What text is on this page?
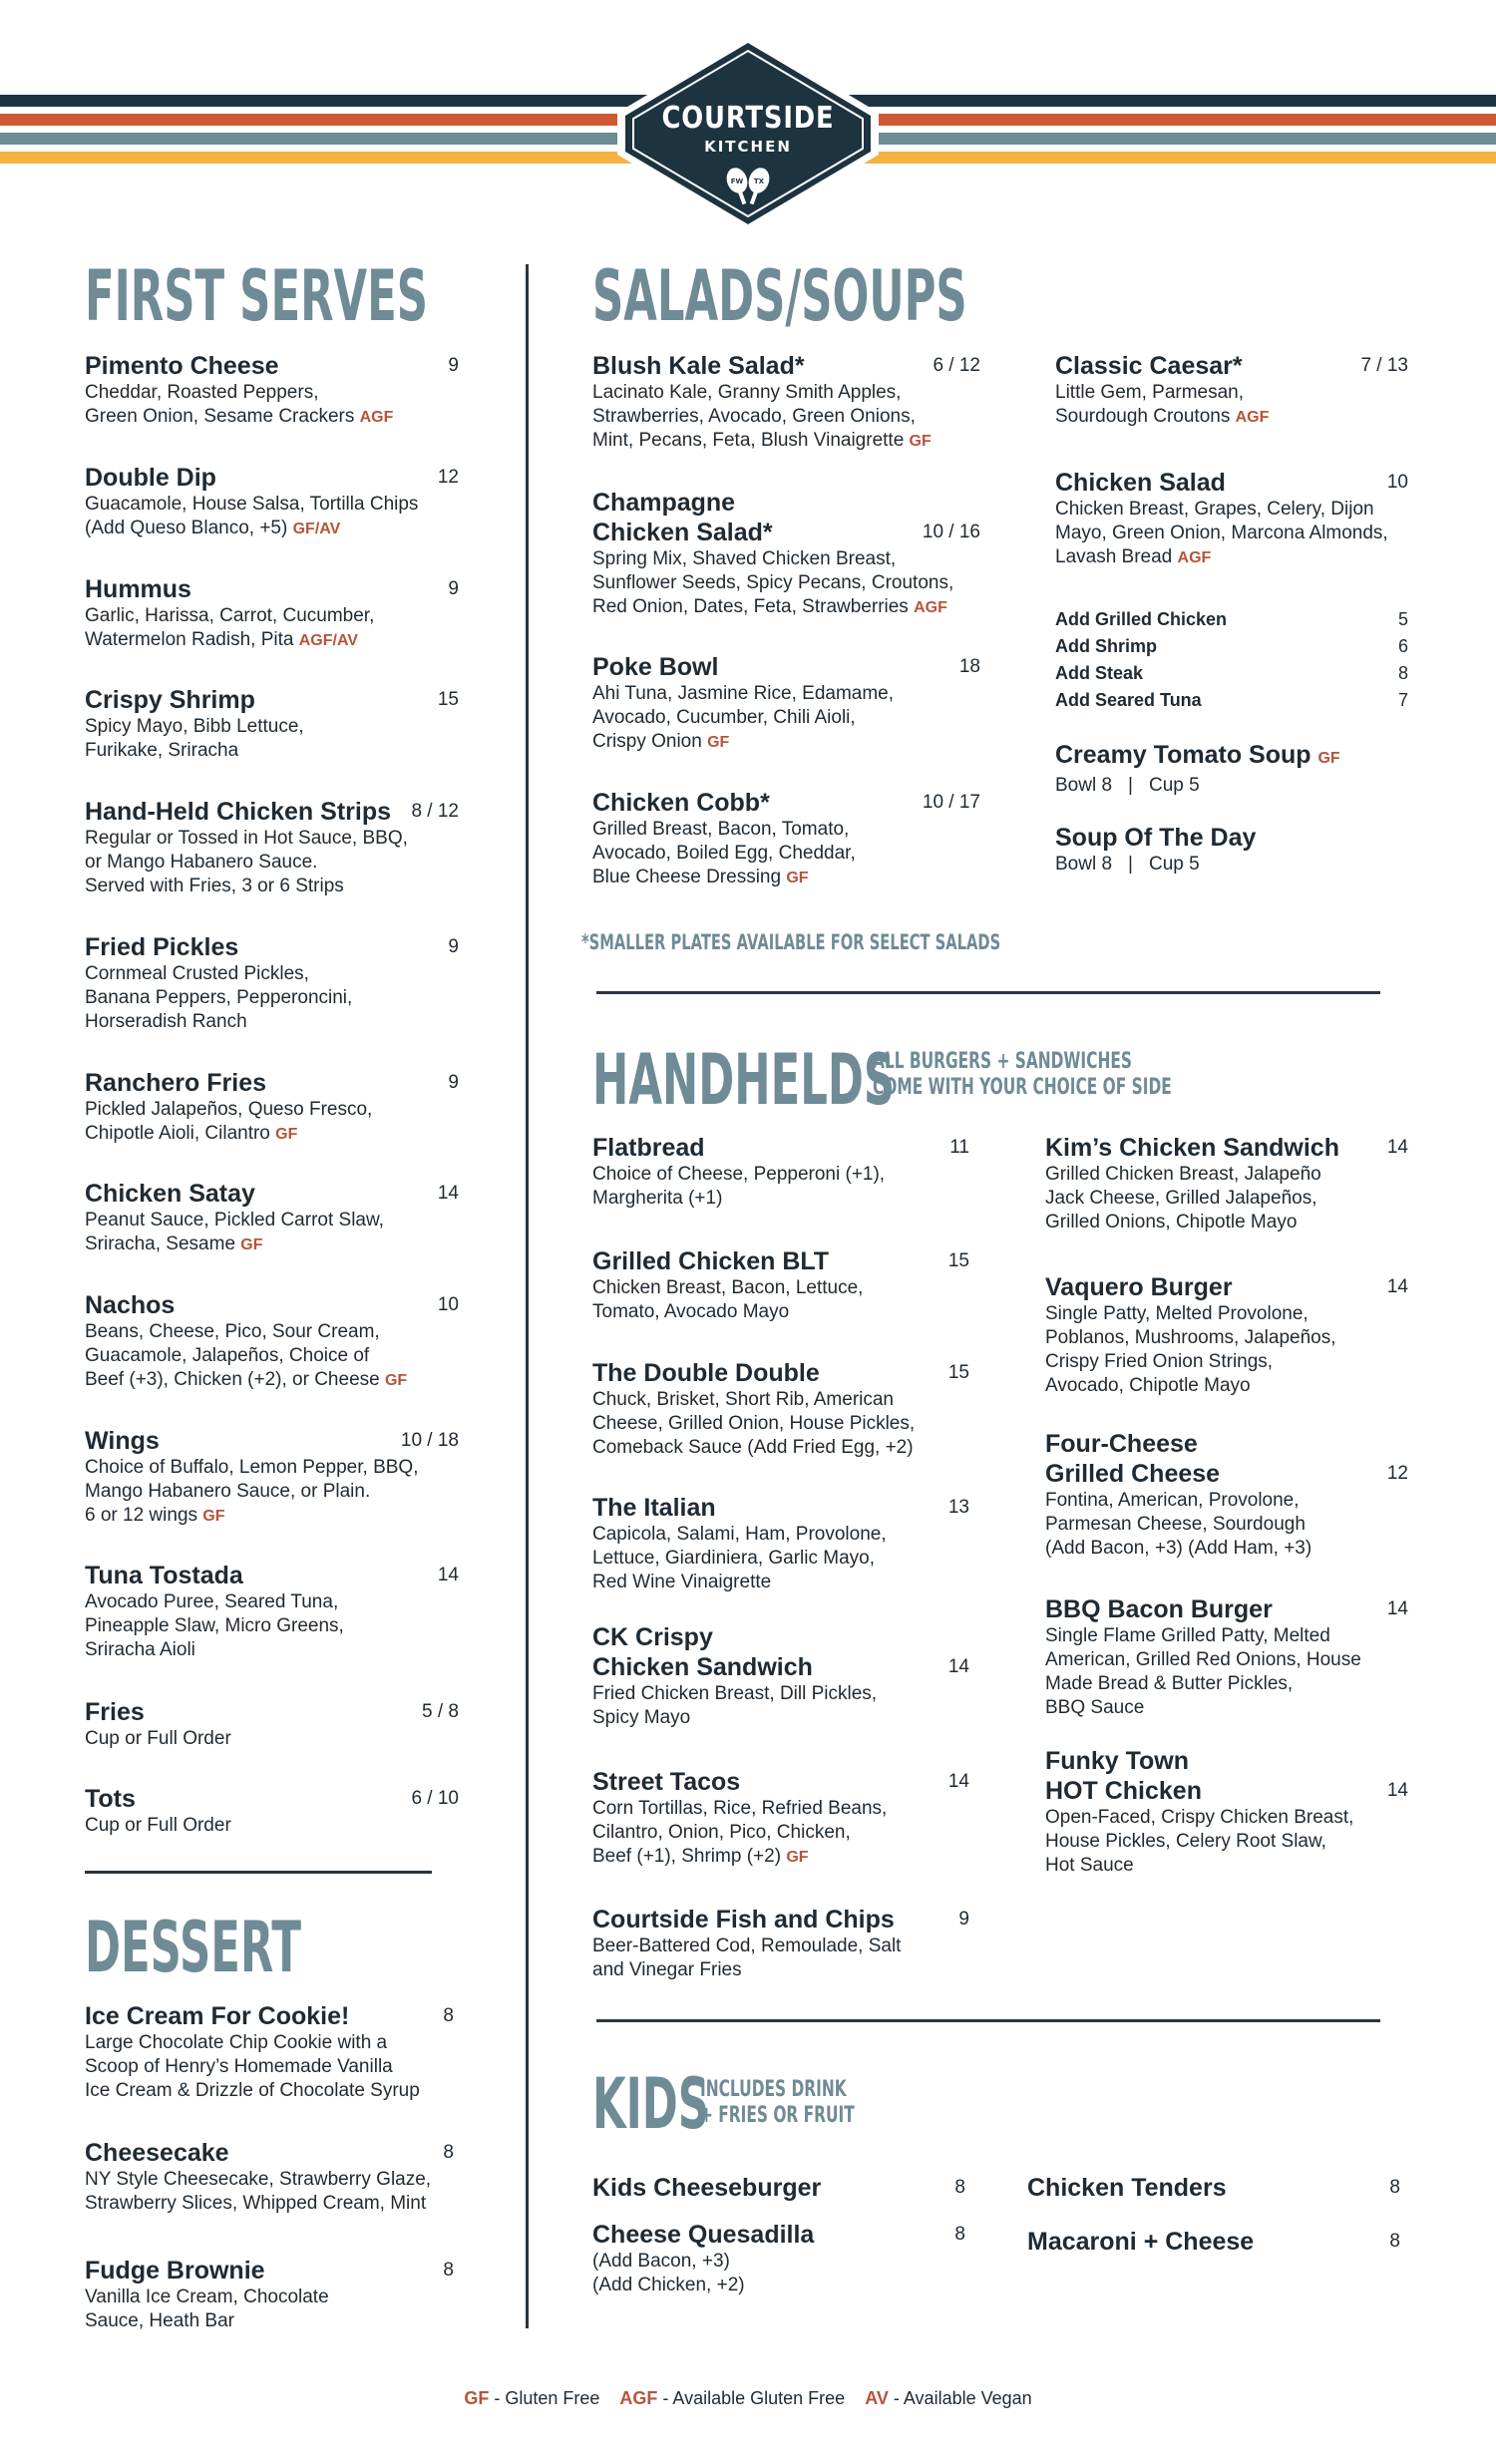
FW TX
COURTSIDE
KITCHEN
FIRST SERVES
DESSERT
SALADS/SOUPS
HANDHELDS
ALL BURGERS + SANDWICHES
COME WITH YOUR CHOICE OF SIDE
KIDS
INCLUDES DRINK
+ FRIES OR FRUIT
*SMALLER PLATES AVAILABLE FOR SELECT SALADS
Pimento Cheese	9
Cheddar, Roasted Peppers,
Green Onion, Sesame Crackers AGF
Double Dip	12
Guacamole, House Salsa, Tortilla Chips
(Add Queso Blanco, +5) GF/AV
Hummus	9
Garlic, Harissa, Carrot, Cucumber,
Watermelon Radish, Pita AGF/AV
Crispy Shrimp	15
Spicy Mayo, Bibb Lettuce,
Furikake, Sriracha
Hand-Held Chicken Strips	8 / 12
Regular or Tossed in Hot Sauce, BBQ,
or Mango Habanero Sauce.
Served with Fries, 3 or 6 Strips
Fried Pickles	9
Cornmeal Crusted Pickles,
Banana Peppers, Pepperoncini,
Horseradish Ranch
Ranchero Fries	9
Pickled Jalapeños, Queso Fresco,
Chipotle Aioli, Cilantro GF
Chicken Satay	14
Peanut Sauce, Pickled Carrot Slaw,
Sriracha, Sesame GF
Nachos	10
Beans, Cheese, Pico, Sour Cream,
Guacamole, Jalapeños, Choice of
Beef (+3), Chicken (+2), or Cheese GF
Wings	10 / 18
Choice of Buffalo, Lemon Pepper, BBQ,
Mango Habanero Sauce, or Plain.
6 or 12 wings GF
Tuna Tostada	14
Avocado Puree, Seared Tuna,
Pineapple Slaw, Micro Greens,
Sriracha Aioli
Fries	5 / 8
Cup or Full Order
Tots	6 / 10
Cup or Full Order
Ice Cream For Cookie!	8
Large Chocolate Chip Cookie with a
Scoop of Henry’s Homemade Vanilla
Ice Cream & Drizzle of Chocolate Syrup
Cheesecake	8
NY Style Cheesecake, Strawberry Glaze,
Strawberry Slices, Whipped Cream, Mint
Fudge Brownie	8
Vanilla Ice Cream, Chocolate
Sauce, Heath Bar
Blush Kale Salad*	6 / 12
Lacinato Kale, Granny Smith Apples,
Strawberries, Avocado, Green Onions,
Mint, Pecans, Feta, Blush Vinaigrette GF
Champagne
Chicken Salad*	10 / 16
Spring Mix, Shaved Chicken Breast,
Sunflower Seeds, Spicy Pecans, Croutons,
Red Onion, Dates, Feta, Strawberries AGF
Poke Bowl	18
Ahi Tuna, Jasmine Rice, Edamame,
Avocado, Cucumber, Chili Aioli,
Crispy Onion GF
Chicken Cobb*	10 / 17
Grilled Breast, Bacon, Tomato,
Avocado, Boiled Egg, Cheddar,
Blue Cheese Dressing GF
Classic Caesar*	7 / 13
Little Gem, Parmesan,
Sourdough Croutons AGF
Chicken Salad	10
Chicken Breast, Grapes, Celery, Dijon
Mayo, Green Onion, Marcona Almonds,
Lavash Bread AGF
Flatbread	11
Choice of Cheese, Pepperoni (+1),
Margherita (+1)
Grilled Chicken BLT	15
Chicken Breast, Bacon, Lettuce,
Tomato, Avocado Mayo
The Double Double	15
Chuck, Brisket, Short Rib, American
Cheese, Grilled Onion, House Pickles,
Comeback Sauce (Add Fried Egg, +2)
The Italian	13
Capicola, Salami, Ham, Provolone,
Lettuce, Giardiniera, Garlic Mayo,
Red Wine Vinaigrette
CK Crispy
Chicken Sandwich	14
Fried Chicken Breast, Dill Pickles,
Spicy Mayo
Street Tacos	14
Corn Tortillas, Rice, Refried Beans,
Cilantro, Onion, Pico, Chicken,
Beef (+1), Shrimp (+2) GF
Courtside Fish and Chips	9
Beer-Battered Cod, Remoulade, Salt
and Vinegar Fries
Kim’s Chicken Sandwich	14
Grilled Chicken Breast, Jalapeño
Jack Cheese, Grilled Jalapeños,
Grilled Onions, Chipotle Mayo
Vaquero Burger	14
Single Patty, Melted Provolone,
Poblanos, Mushrooms, Jalapeños,
Crispy Fried Onion Strings,
Avocado, Chipotle Mayo
Four-Cheese
Grilled Cheese	12
Fontina, American, Provolone,
Parmesan Cheese, Sourdough
(Add Bacon, +3) (Add Ham, +3)
BBQ Bacon Burger	14
Single Flame Grilled Patty, Melted
American, Grilled Red Onions, House
Made Bread & Butter Pickles,
BBQ Sauce
Funky Town
HOT Chicken	14
Open-Faced, Crispy Chicken Breast,
House Pickles, Celery Root Slaw,
Hot Sauce
Kids Cheeseburger	8
Cheese Quesadilla	8
(Add Bacon, +3)
(Add Chicken, +2)
Chicken Tenders	8
Macaroni + Cheese	8
Add Grilled Chicken	5
Add Shrimp	6
Add Steak	8
Add Seared Tuna	7
Creamy Tomato Soup GF
Bowl 8 | Cup 5
Soup Of The Day
Bowl 8 | Cup 5
GF - Gluten Free AGF - Available Gluten Free AV - Available Vegan
